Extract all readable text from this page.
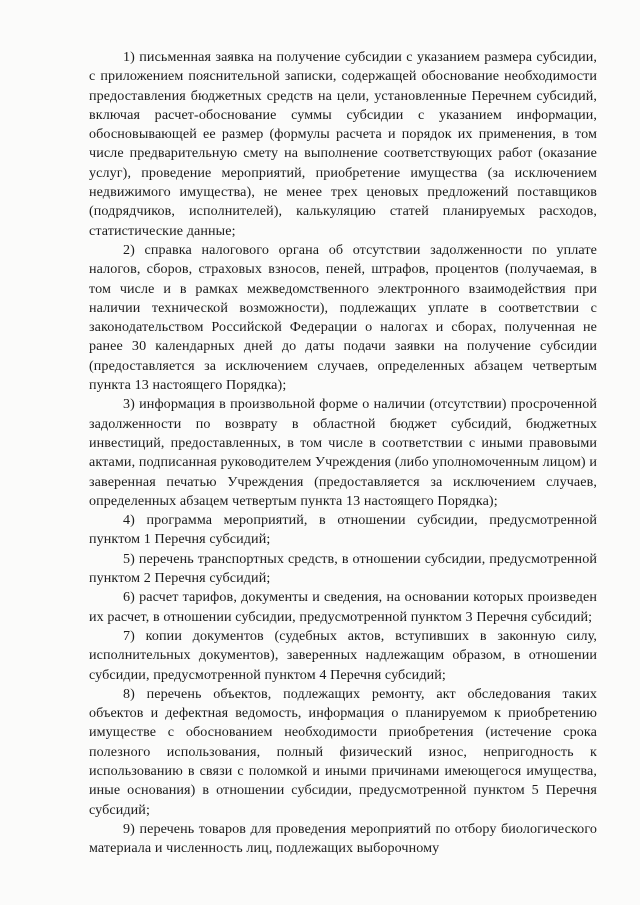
1) письменная заявка на получение субсидии с указанием размера субсидии, с приложением пояснительной записки, содержащей обоснование необходимости предоставления бюджетных средств на цели, установленные Перечнем субсидий, включая расчет-обоснование суммы субсидии с указанием информации, обосновывающей ее размер (формулы расчета и порядок их применения, в том числе предварительную смету на выполнение соответствующих работ (оказание услуг), проведение мероприятий, приобретение имущества (за исключением недвижимого имущества), не менее трех ценовых предложений поставщиков (подрядчиков, исполнителей), калькуляцию статей планируемых расходов, статистические данные;

2) справка налогового органа об отсутствии задолженности по уплате налогов, сборов, страховых взносов, пеней, штрафов, процентов (получаемая, в том числе и в рамках межведомственного электронного взаимодействия при наличии технической возможности), подлежащих уплате в соответствии с законодательством Российской Федерации о налогах и сборах, полученная не ранее 30 календарных дней до даты подачи заявки на получение субсидии (предоставляется за исключением случаев, определенных абзацем четвертым пункта 13 настоящего Порядка);

3) информация в произвольной форме о наличии (отсутствии) просроченной задолженности по возврату в областной бюджет субсидий, бюджетных инвестиций, предоставленных, в том числе в соответствии с иными правовыми актами, подписанная руководителем Учреждения (либо уполномоченным лицом) и заверенная печатью Учреждения (предоставляется за исключением случаев, определенных абзацем четвертым пункта 13 настоящего Порядка);

4) программа мероприятий, в отношении субсидии, предусмотренной пунктом 1 Перечня субсидий;

5) перечень транспортных средств, в отношении субсидии, предусмотренной пунктом 2 Перечня субсидий;

6) расчет тарифов, документы и сведения, на основании которых произведен их расчет, в отношении субсидии, предусмотренной пунктом 3 Перечня субсидий;

7) копии документов (судебных актов, вступивших в законную силу, исполнительных документов), заверенных надлежащим образом, в отношении субсидии, предусмотренной пунктом 4 Перечня субсидий;

8) перечень объектов, подлежащих ремонту, акт обследования таких объектов и дефектная ведомость, информация о планируемом к приобретению имуществе с обоснованием необходимости приобретения (истечение срока полезного использования, полный физический износ, непригодность к использованию в связи с поломкой и иными причинами имеющегося имущества, иные основания) в отношении субсидии, предусмотренной пунктом 5 Перечня субсидий;

9) перечень товаров для проведения мероприятий по отбору биологического материала и численность лиц, подлежащих выборочному
